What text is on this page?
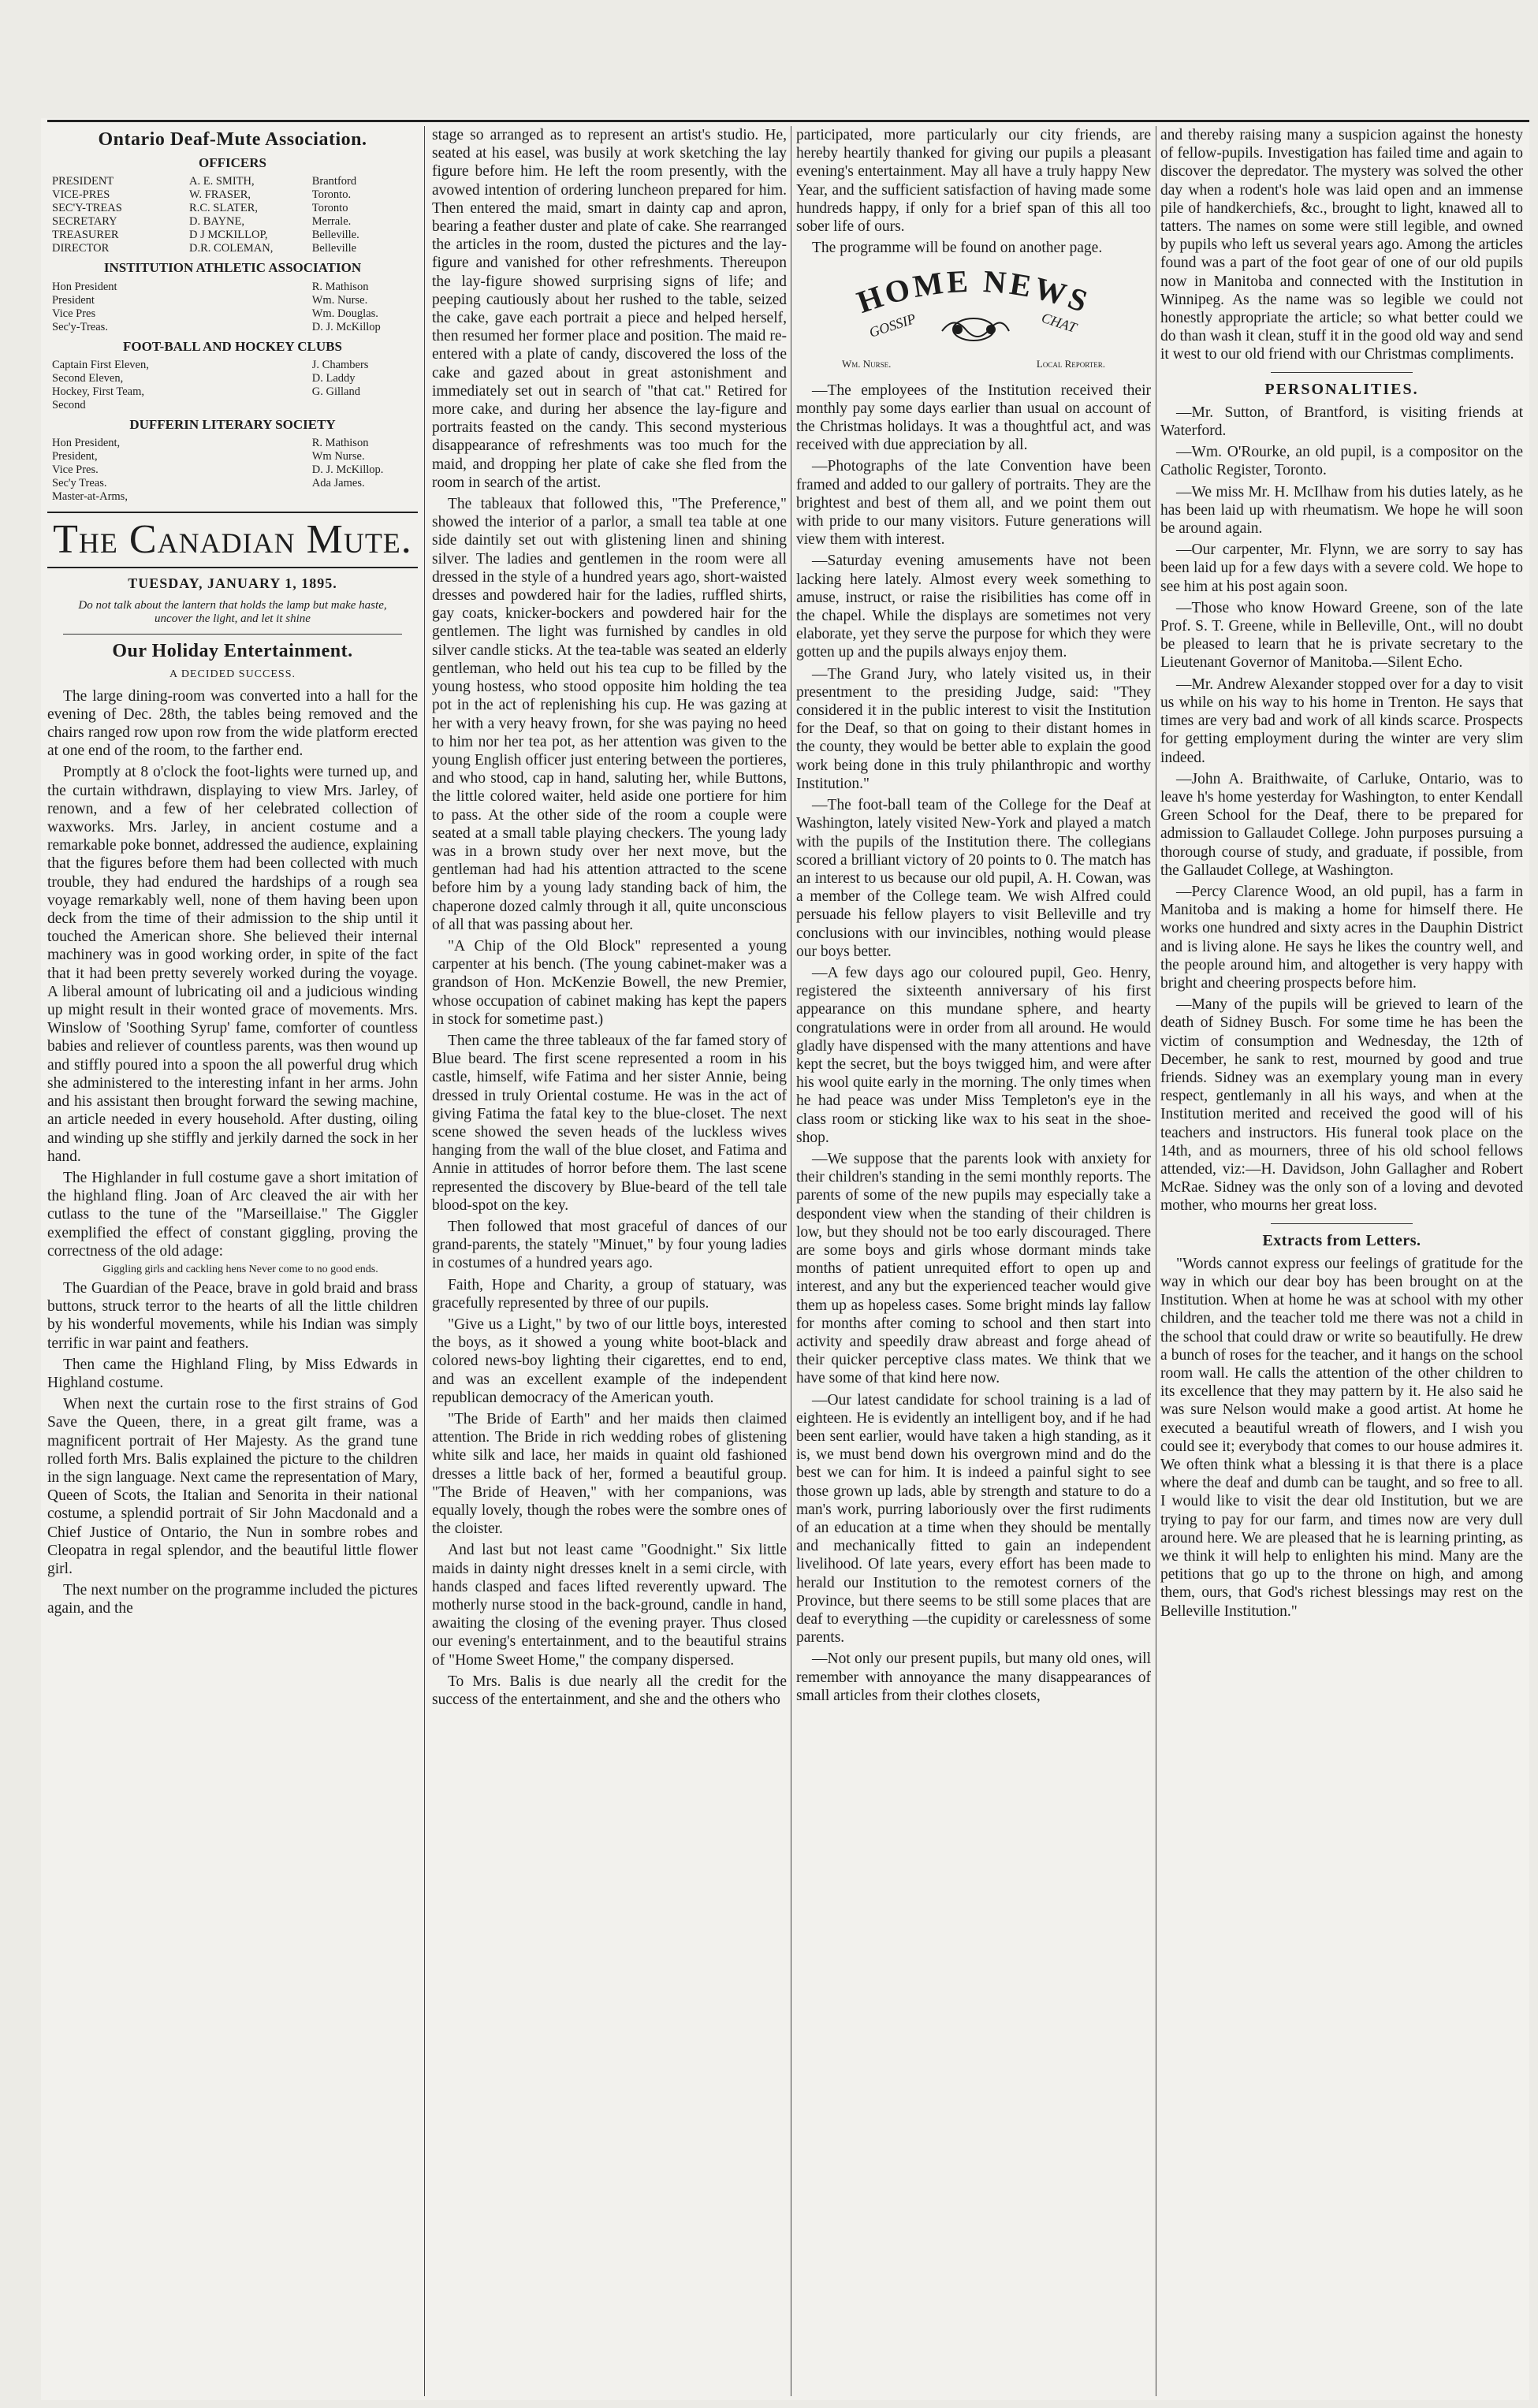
Ontario Deaf-Mute Association.
OFFICERS
PRESIDENT	A. E. SMITH,	Brantford
VICE-PRES	W. FRASER,	Toronto.
SEC'Y-TREAS	R.C. SLATER,	Toronto
SECRETARY	D. BAYNE,	Merrale.
TREASURER	D J MCKILLOP,	Belleville.
DIRECTOR	D.R. COLEMAN,	Belleville
INSTITUTION ATHLETIC ASSOCIATION
Hon President	R. Mathison
President	Wm. Nurse.
Vice Pres	Wm. Douglas.
Sec'y-Treas.	D. J. McKillop
FOOT-BALL AND HOCKEY CLUBS
Captain First Eleven,	J. Chambers
Second Eleven,	D. Laddy
Hockey, First Team,	G. Gilland
Second
DUFFERIN LITERARY SOCIETY
Hon President,	R. Mathison
President,	Wm Nurse.
Vice Pres.	D. J. McKillop.
Sec'y Treas.	Ada James.
Master-at-Arms,
The Canadian Mute.
TUESDAY, JANUARY 1, 1895.
Do not talk about the lantern that holds the lamp but make haste, uncover the light, and let it shine
Our Holiday Entertainment.
A DECIDED SUCCESS.

The large dining-room was converted into a hall for the evening of Dec. 28th, the tables being removed and the chairs ranged row upon row from the wide platform erected at one end of the room, to the farther end.

Promptly at 8 o'clock the foot-lights were turned up, and the curtain withdrawn, displaying to view Mrs. Jarley, of renown, and a few of her celebrated collection of waxworks. Mrs. Jarley, in ancient costume and a remarkable poke bonnet, addressed the audience, explaining that the figures before them had been collected with much trouble, they had endured the hardships of a rough sea voyage remarkably well, none of them having been upon deck from the time of their admission to the ship until it touched the American shore. She believed their internal machinery was in good working order, in spite of the fact that it had been pretty severely worked during the voyage. A liberal amount of lubricating oil and a judicious winding up might result in their wonted grace of movements. Mrs. Winslow of 'Soothing Syrup' fame, comforter of countless babies and reliever of countless parents, was then wound up and stiffly poured into a spoon the all powerful drug which she administered to the interesting infant in her arms. John and his assistant then brought forward the sewing machine, an article needed in every household. After dusting, oiling and winding up she stiffly and jerkily darned the sock in her hand.

The Highlander in full costume gave a short imitation of the highland fling. Joan of Arc cleaved the air with her cutlass to the tune of the "Marseillaise." The Giggler exemplified the effect of constant giggling, proving the correctness of the old adage:

Giggling girls and cackling hens Never come to no good ends.

The Guardian of the Peace, brave in gold braid and brass buttons, struck terror to the hearts of all the little children by his wonderful movements, while his Indian was simply terrific in war paint and feathers.

Then came the Highland Fling, by Miss Edwards in Highland costume.

When next the curtain rose to the first strains of God Save the Queen, there, in a great gilt frame, was a magnificent portrait of Her Majesty. As the grand tune rolled forth Mrs. Balis explained the picture to the children in the sign language. Next came the representation of Mary, Queen of Scots, the Italian and Senorita in their national costume, a splendid portrait of Sir John Macdonald and a Chief Justice of Ontario, the Nun in sombre robes and Cleopatra in regal splendor, and the beautiful little flower girl.

The next number on the programme included the pictures again, and the

stage so arranged as to represent an artist's studio. He, seated at his easel, was busily at work sketching the lay figure before him. He left the room presently, with the avowed intention of ordering luncheon prepared for him. Then entered the maid, smart in dainty cap and apron, bearing a feather duster and plate of cake. She rearranged the articles in the room, dusted the pictures and the lay-figure and vanished for other refreshments. Thereupon the lay-figure showed surprising signs of life; and peeping cautiously about her rushed to the table, seized the cake, gave each portrait a piece and helped herself, then resumed her former place and position. The maid re-entered with a plate of candy, discovered the loss of the cake and gazed about in great astonishment and immediately set out in search of "that cat." Retired for more cake, and during her absence the lay-figure and portraits feasted on the candy. This second mysterious disappearance of refreshments was too much for the maid, and dropping her plate of cake she fled from the room in search of the artist.

The tableaux that followed this, "The Preference," showed the interior of a parlor, a small tea table at one side daintily set out with glistening linen and shining silver. The ladies and gentlemen in the room were all dressed in the style of a hundred years ago, short-waisted dresses and powdered hair for the ladies, ruffled shirts, gay coats, knicker-bockers and powdered hair for the gentlemen. The light was furnished by candles in old silver candle sticks. At the tea-table was seated an elderly gentleman, who held out his tea cup to be filled by the young hostess, who stood opposite him holding the tea pot in the act of replenishing his cup. He was gazing at her with a very heavy frown, for she was paying no heed to him nor her tea pot, as her attention was given to the young English officer just entering between the portieres, and who stood, cap in hand, saluting her, while Buttons, the little colored waiter, held aside one portiere for him to pass. At the other side of the room a couple were seated at a small table playing checkers. The young lady was in a brown study over her next move, but the gentleman had had his attention attracted to the scene before him by a young lady standing back of him, the chaperone dozed calmly through it all, quite unconscious of all that was passing about her.

"A Chip of the Old Block" represented a young carpenter at his bench. (The young cabinet-maker was a grandson of Hon. McKenzie Bowell, the new Premier, whose occupation of cabinet making has kept the papers in stock for sometime past.)

Then came the three tableaux of the far famed story of Blue beard. The first scene represented a room in his castle, himself, wife Fatima and her sister Annie, being dressed in truly Oriental costume. He was in the act of giving Fatima the fatal key to the blue-closet. The next scene showed the seven heads of the luckless wives hanging from the wall of the blue closet, and Fatima and Annie in attitudes of horror before them. The last scene represented the discovery by Blue-beard of the tell tale blood-spot on the key.

Then followed that most graceful of dances of our grand-parents, the stately "Minuet," by four young ladies in costumes of a hundred years ago.

Faith, Hope and Charity, a group of statuary, was gracefully represented by three of our pupils.

"Give us a Light," by two of our little boys, interested the boys, as it showed a young white boot-black and colored news-boy lighting their cigarettes, end to end, and was an excellent example of the independent republican democracy of the American youth.

"The Bride of Earth" and her maids then claimed attention. The Bride in rich wedding robes of glistening white silk and lace, her maids in quaint old fashioned dresses a little back of her, formed a beautiful group. "The Bride of Heaven," with her companions, was equally lovely, though the robes were the sombre ones of the cloister.

And last but not least came "Goodnight." Six little maids in dainty night dresses knelt in a semi circle, with hands clasped and faces lifted reverently upward. The motherly nurse stood in the back-ground, candle in hand, awaiting the closing of the evening prayer. Thus closed our evening's entertainment, and to the beautiful strains of "Home Sweet Home," the company dispersed.

To Mrs. Balis is due nearly all the credit for the success of the entertainment, and she and the others who

participated, more particularly our city friends, are hereby heartily thanked for giving our pupils a pleasant evening's entertainment. May all have a truly happy New Year, and the sufficient satisfaction of having made some hundreds happy, if only for a brief span of this all too sober life of ours.

The programme will be found on another page.

HOME NEWS
GOSSIP	CHAT
Wm. Nurse.	Local Reporter.

—The employees of the Institution received their monthly pay some days earlier than usual on account of the Christmas holidays. It was a thoughtful act, and was received with due appreciation by all.

—Photographs of the late Convention have been framed and added to our gallery of portraits. They are the brightest and best of them all, and we point them out with pride to our many visitors. Future generations will view them with interest.

—Saturday evening amusements have not been lacking here lately. Almost every week something to amuse, instruct, or raise the risibilities has come off in the chapel. While the displays are sometimes not very elaborate, yet they serve the purpose for which they were gotten up and the pupils always enjoy them.

—The Grand Jury, who lately visited us, in their presentment to the presiding Judge, said: "They considered it in the public interest to visit the Institution for the Deaf, so that on going to their distant homes in the county, they would be better able to explain the good work being done in this truly philanthropic and worthy Institution."

—The foot-ball team of the College for the Deaf at Washington, lately visited New-York and played a match with the pupils of the Institution there. The collegians scored a brilliant victory of 20 points to 0. The match has an interest to us because our old pupil, A. H. Cowan, was a member of the College team. We wish Alfred could persuade his fellow players to visit Belleville and try conclusions with our invincibles, nothing would please our boys better.

—A few days ago our coloured pupil, Geo. Henry, registered the sixteenth anniversary of his first appearance on this mundane sphere, and hearty congratulations were in order from all around. He would gladly have dispensed with the many attentions and have kept the secret, but the boys twigged him, and were after his wool quite early in the morning. The only times when he had peace was under Miss Templeton's eye in the class room or sticking like wax to his seat in the shoe-shop.

—We suppose that the parents look with anxiety for their children's standing in the semi monthly reports. The parents of some of the new pupils may especially take a despondent view when the standing of their children is low, but they should not be too early discouraged. There are some boys and girls whose dormant minds take months of patient unrequited effort to open up and interest, and any but the experienced teacher would give them up as hopeless cases. Some bright minds lay fallow for months after coming to school and then start into activity and speedily draw abreast and forge ahead of their quicker perceptive class mates. We think that we have some of that kind here now.

—Our latest candidate for school training is a lad of eighteen. He is evidently an intelligent boy, and if he had been sent earlier, would have taken a high standing, as it is, we must bend down his overgrown mind and do the best we can for him. It is indeed a painful sight to see those grown up lads, able by strength and stature to do a man's work, purring laboriously over the first rudiments of an education at a time when they should be mentally and mechanically fitted to gain an independent livelihood. Of late years, every effort has been made to herald our Institution to the remotest corners of the Province, but there seems to be still some places that are deaf to everything —the cupidity or carelessness of some parents.

—Not only our present pupils, but many old ones, will remember with annoyance the many disappearances of small articles from their clothes closets,

and thereby raising many a suspicion against the honesty of fellow-pupils. Investigation has failed time and again to discover the depredator. The mystery was solved the other day when a rodent's hole was laid open and an immense pile of handkerchiefs, &c., brought to light, knawed all to tatters. The names on some were still legible, and owned by pupils who left us several years ago. Among the articles found was a part of the foot gear of one of our old pupils now in Manitoba and connected with the Institution in Winnipeg. As the name was so legible we could not honestly appropriate the article; so what better could we do than wash it clean, stuff it in the good old way and send it west to our old friend with our Christmas compliments.

PERSONALITIES.

—Mr. Sutton, of Brantford, is visiting friends at Waterford.

—Wm. O'Rourke, an old pupil, is a compositor on the Catholic Register, Toronto.

—We miss Mr. H. McIlhaw from his duties lately, as he has been laid up with rheumatism. We hope he will soon be around again.

—Our carpenter, Mr. Flynn, we are sorry to say has been laid up for a few days with a severe cold. We hope to see him at his post again soon.

—Those who know Howard Greene, son of the late Prof. S. T. Greene, while in Belleville, Ont., will no doubt be pleased to learn that he is private secretary to the Lieutenant Governor of Manitoba.—Silent Echo.

—Mr. Andrew Alexander stopped over for a day to visit us while on his way to his home in Trenton. He says that times are very bad and work of all kinds scarce. Prospects for getting employment during the winter are very slim indeed.

—John A. Braithwaite, of Carluke, Ontario, was to leave h's home yesterday for Washington, to enter Kendall Green School for the Deaf, there to be prepared for admission to Gallaudet College. John purposes pursuing a thorough course of study, and graduate, if possible, from the Gallaudet College, at Washington.

—Percy Clarence Wood, an old pupil, has a farm in Manitoba and is making a home for himself there. He works one hundred and sixty acres in the Dauphin District and is living alone. He says he likes the country well, and the people around him, and altogether is very happy with bright and cheering prospects before him.

—Many of the pupils will be grieved to learn of the death of Sidney Busch. For some time he has been the victim of consumption and Wednesday, the 12th of December, he sank to rest, mourned by good and true friends. Sidney was an exemplary young man in every respect, gentlemanly in all his ways, and when at the Institution merited and received the good will of his teachers and instructors. His funeral took place on the 14th, and as mourners, three of his old school fellows attended, viz:—H. Davidson, John Gallagher and Robert McRae. Sidney was the only son of a loving and devoted mother, who mourns her great loss.

Extracts from Letters.

"Words cannot express our feelings of gratitude for the way in which our dear boy has been brought on at the Institution. When at home he was at school with my other children, and the teacher told me there was not a child in the school that could draw or write so beautifully. He drew a bunch of roses for the teacher, and it hangs on the school room wall. He calls the attention of the other children to its excellence that they may pattern by it. He also said he was sure Nelson would make a good artist. At home he executed a beautiful wreath of flowers, and I wish you could see it; everybody that comes to our house admires it. We often think what a blessing it is that there is a place where the deaf and dumb can be taught, and so free to all. I would like to visit the dear old Institution, but we are trying to pay for our farm, and times now are very dull around here. We are pleased that he is learning printing, as we think it will help to enlighten his mind. Many are the petitions that go up to the throne on high, and among them, ours, that God's richest blessings may rest on the Belleville Institution."
